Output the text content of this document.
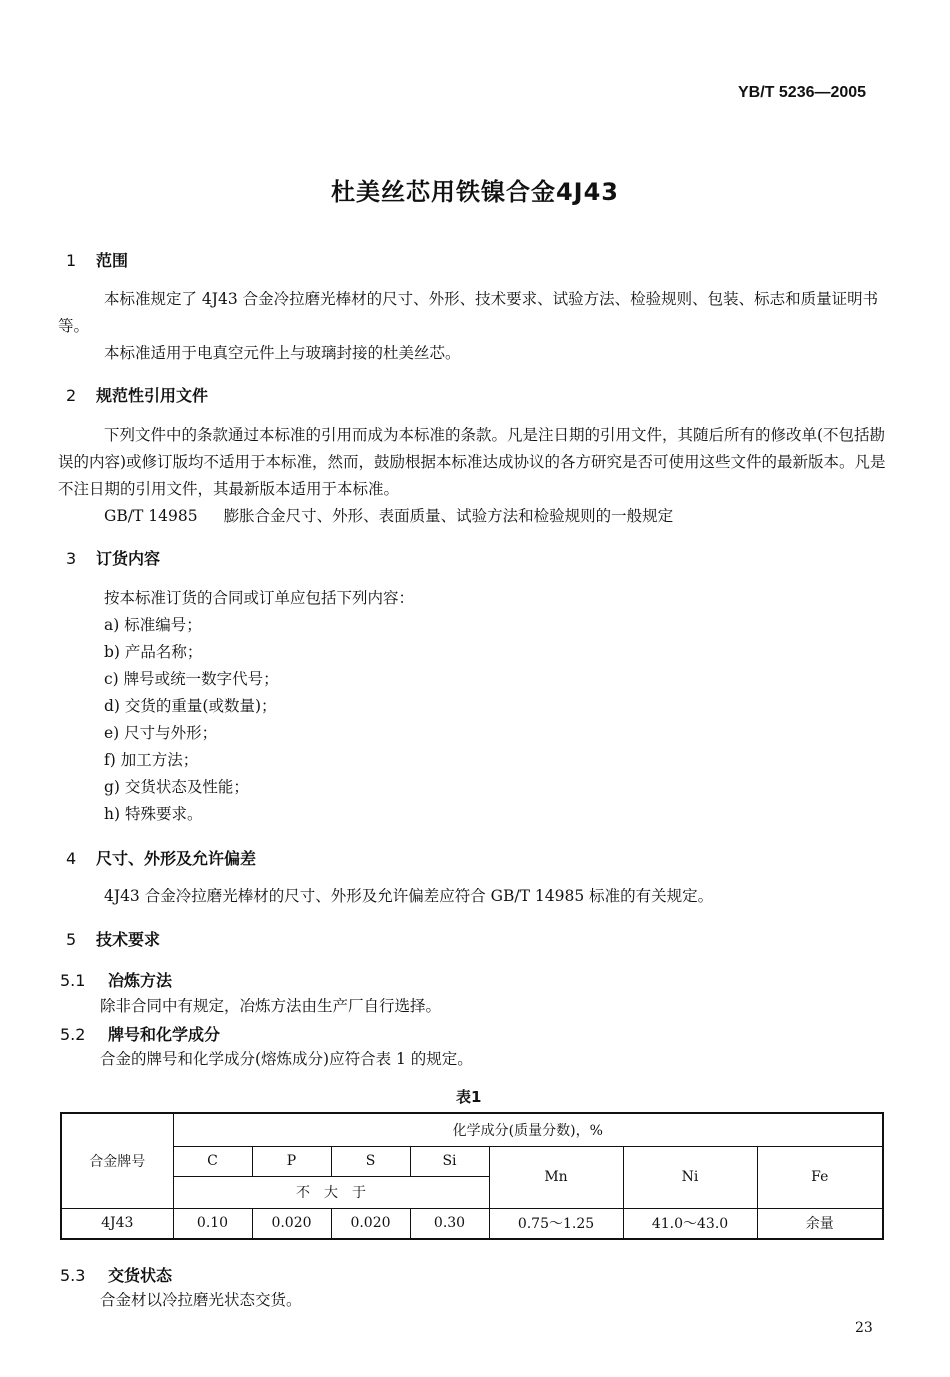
YB/T 5236—2005
杜美丝芯用铁镍合金4J43
1 范围
本标准规定了 4J43 合金冷拉磨光棒材的尺寸、外形、技术要求、试验方法、检验规则、包装、标志和质量证明书等。
本标准适用于电真空元件上与玻璃封接的杜美丝芯。
2 规范性引用文件
下列文件中的条款通过本标准的引用而成为本标准的条款。凡是注日期的引用文件，其随后所有的修改单(不包括勘误的内容)或修订版均不适用于本标准，然而，鼓励根据本标准达成协议的各方研究是否可使用这些文件的最新版本。凡是不注日期的引用文件，其最新版本适用于本标准。
GB/T 14985 膨胀合金尺寸、外形、表面质量、试验方法和检验规则的一般规定
3 订货内容
按本标准订货的合同或订单应包括下列内容：
a) 标准编号；
b) 产品名称；
c) 牌号或统一数字代号；
d) 交货的重量(或数量)；
e) 尺寸与外形；
f) 加工方法；
g) 交货状态及性能；
h) 特殊要求。
4 尺寸、外形及允许偏差
4J43 合金冷拉磨光棒材的尺寸、外形及允许偏差应符合 GB/T 14985 标准的有关规定。
5 技术要求
5.1 冶炼方法
除非合同中有规定，冶炼方法由生产厂自行选择。
5.2 牌号和化学成分
合金的牌号和化学成分(熔炼成分)应符合表 1 的规定。
表1
合金牌号	化学成分(质量分数)，%						
	C	P	S	Si	Mn	Ni	Fe
	不　大　于						
4J43	0.10	0.020	0.020	0.30	0.75～1.25	41.0～43.0	余量
5.3 交货状态
合金材以冷拉磨光状态交货。
23
